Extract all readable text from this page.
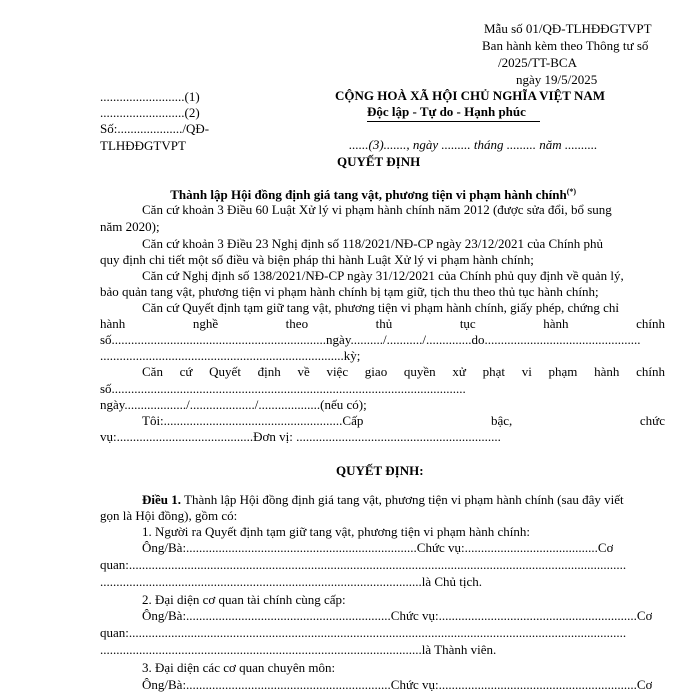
Mẫu số 01/QĐ-TLHĐĐGTVPT
Ban hành kèm theo Thông tư số
/2025/TT-BCA
ngày 19/5/2025
..........................(1)
..........................(2)
Số:..................../QĐ-
TLHĐĐGTVPT
CỘNG HOÀ XÃ HỘI CHỦ NGHĨA VIỆT NAM
Độc lập - Tự do - Hạnh phúc
......(3)......., ngày ......... tháng ......... năm ..........
QUYẾT ĐỊNH

Thành lập Hội đồng định giá tang vật, phương tiện vi phạm hành chính(*)

Căn cứ khoản 3 Điều 60 Luật Xử lý vi phạm hành chính năm 2012 (được sửa đổi, bổ sung
năm 2020);
Căn cứ khoản 3 Điều 23 Nghị định số 118/2021/NĐ-CP ngày 23/12/2021 của Chính phủ
quy định chi tiết một số điều và biện pháp thi hành Luật Xử lý vi phạm hành chính;
Căn cứ Nghị định số 138/2021/NĐ-CP ngày 31/12/2021 của Chính phủ quy định về quản lý,
bảo quản tang vật, phương tiện vi phạm hành chính bị tạm giữ, tịch thu theo thủ tục hành chính;
Căn cứ Quyết định tạm giữ tang vật, phương tiện vi phạm hành chính, giấy phép, chứng chỉ
hành nghề theo thủ tục hành chính
số..................................................................ngày........../.........../..............do................................................
...........................................................................kỳ;
Căn cứ Quyết định về việc giao quyền xử phạt vi phạm hành chính
số.............................................................................................................
ngày.................../..................../...................(nếu có);
Tôi:.......................................................Cấp bậc, chức
vụ:..........................................Đơn vị: ...............................................................
QUYẾT ĐỊNH:
Điều 1. Thành lập Hội đồng định giá tang vật, phương tiện vi phạm hành chính (sau đây viết
gọn là Hội đồng), gồm có:
1. Người ra Quyết định tạm giữ tang vật, phương tiện vi phạm hành chính:
Ông/Bà:.......................................................................Chức vụ:.........................................Cơ
quan:.........................................................................................................................................................
...................................................................................................là Chủ tịch.
2. Đại diện cơ quan tài chính cùng cấp:
Ông/Bà:...............................................................Chức vụ:.............................................................Cơ
quan:.........................................................................................................................................................
...................................................................................................là Thành viên.
3. Đại diện các cơ quan chuyên môn:
Ông/Bà:...............................................................Chức vụ:.............................................................Cơ
